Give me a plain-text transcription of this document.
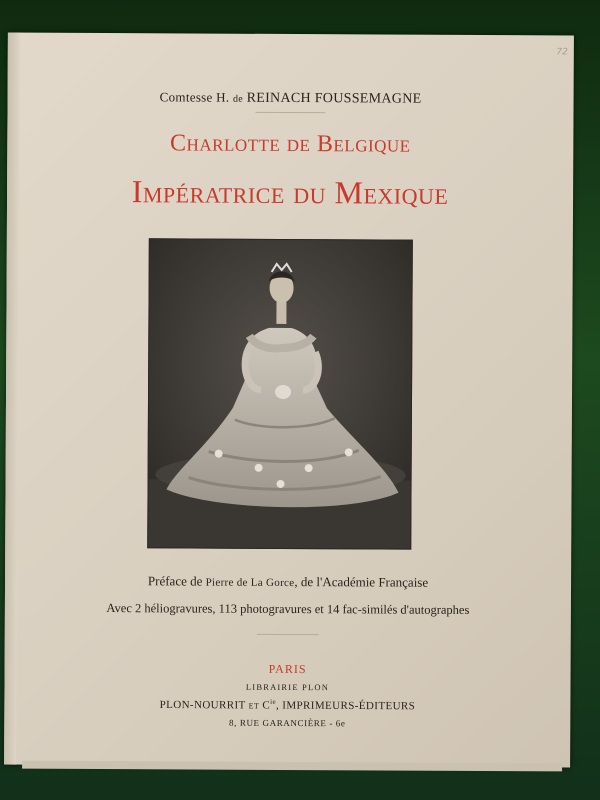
72
Comtesse H. de REINACH FOUSSEMAGNE
Charlotte de Belgique
Impératrice du Mexique
Préface de Pierre de La Gorce, de l'Académie Française
Avec 2 héliogravures, 113 photogravures et 14 fac-similés d'autographes
PARIS
LIBRAIRIE PLON
PLON-NOURRIT ET $C^{ie}$, IMPRIMEURS-ÉDITEURS
8, RUE GARANCIÈRE - 6e
